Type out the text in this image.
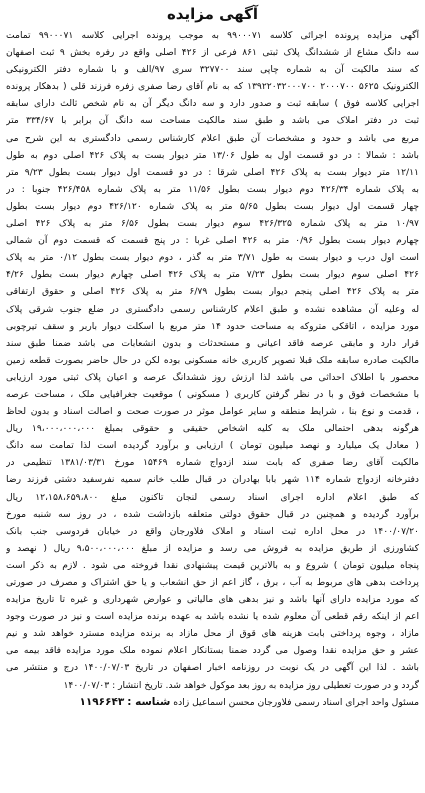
آگهی مزایده
آگهی مزایده پرونده اجرائی کلاسه ۹۹۰۰۰۷۱ به موجب پرونده اجرایی کلاسه ۹۹۰۰۰۷۱ تمامت
سه دانگ مشاع از ششدانگ پلاک ثبتی ۸۶۱ فرعی از ۴۲۶ اصلی واقع در رفره بخش ۹ ثبت اصفهان
که سند مالکیت آن به شماره چاپی سند ۳۲۷۷۰۰ سری ۹۷/الف و با شماره دفتر الکترونیکی
الکترونیک ۵۶۲۵ ۲۰۰۰۷۰۰ ۱۳۹۲۲۰۳۲۰۰۰۷۰۰ که به نام آقای رضا صفری زفره فرزند قلی ( بدهکار پرونده
اجرایی کلاسه فوق ) سابقه ثبت و صدور دارد و سه دانگ دیگر آن به نام شخص ثالث دارای سابقه
ثبت در دفتر املاک می باشد و طبق سند مالکیت مساحت سه دانگ آن برابر با ۳۳۴/۶۷ متر
مربع می باشد و حدود و مشخصات آن طبق اعلام کارشناس رسمی دادگستری به این شرح می
باشد : شمالا : در دو قسمت اول به طول ۱۳/۰۶ متر دیوار بست به پلاک ۴۲۶ اصلی دوم به طول
۱۲/۱۱ متر دیوار بست به پلاک ۴۲۶ اصلی شرقا : در دو قسمت اول دیوار بست بطول ۹/۲۳ متر
به پلاک شماره ۴۲۶/۳۴ دوم دیوار بست بطول ۱۱/۵۶ متر به پلاک شماره ۴۲۶/۴۵۸ جنوبا : در
چهار قسمت اول دیوار بست بطول ۵/۶۵ متر به پلاک شماره ۴۲۶/۱۲۰ دوم دیوار بست بطول
۱۰/۹۷ متر به پلاک شماره ۴۲۶/۳۲۵ سوم دیوار بست بطول ۶/۵۶ متر به پلاک ۴۲۶ اصلی
چهارم دیوار بست بطول ۰/۹۶ متر به ۴۲۶ اصلی غربا : در پنج قسمت که قسمت دوم آن شمالی
است اول درب و دیوار بست به طول ۳/۷۱ متر به گذر ، دوم دیوار بست بطول ۰/۱۲ متر به پلاک
۴۲۶ اصلی سوم دیوار بست بطول ۷/۲۳ متر به پلاک ۴۲۶ اصلی چهارم دیوار بست بطول ۴/۲۶
متر به پلاک ۴۲۶ اصلی پنجم دیوار بست بطول ۶/۷۹ متر به پلاک ۴۲۶ اصلی و حقوق ارتفاقی
له وعلیه آن مشاهده نشده و طبق اعلام کارشناس رسمی دادگستری در ضلع جنوب شرقی پلاک
مورد مزایده ، اتاقکی متروکه به مساحت حدود ۱۴ متر مربع با اسکلت دیوار باربر و سقف تیرچوبی
قرار دارد و مابقی عرصه فاقد اعیانی و مستحدثات و بدون انشعابات می باشد ضمنا طبق سند
مالکیت صادره سابقه ملک قبلا تصویر کاربری خانه مسکونی بوده لکن در حال حاضر بصورت قطعه زمین
محصور با اطلاک احداثی می باشد لذا ارزش روز ششدانگ عرصه و اعیان پلاک ثبتی مورد ارزیابی
با مشخصات فوق و با در نظر گرفتن کاربری ( مسکونی ) موقعیت جغرافیایی ملک ، مساحت عرصه
، قدمت و نوع بنا ، شرایط منطقه و سایر عوامل موثر در صورت صحت و اصالت اسناد و بدون لحاظ
هرگونه بدهی احتمالی ملک به کلیه اشخاص حقیقی و حقوقی بمبلغ ۱۹،۰۰۰،۰۰۰،۰۰۰ ریال
( معادل یک میلیارد و نهصد میلیون تومان ) ارزیابی و برآورد گردیده است لذا تمامت سه دانگ
مالکیت آقای رضا صفری که بابت سند ازدواج شماره ۱۵۴۶۹ مورخ ۱۳۸۱/۰۳/۳۱ تنظیمی در
دفترخانه ازدواج شماره ۱۱۴ شهر بابا بهادران در قبال طلب خانم سمیه نفرسفید دشتی فرزند رضا
که طبق اعلام اداره اجرای اسناد رسمی لنجان تاکنون مبلغ ۱۲،۱۵۸،۶۵۹،۸۰۰ ریال
برآورد گردیده و همچنین در قبال حقوق دولتی متعلقه بازداشت شده ، در روز سه شنبه مورخ
۱۴۰۰/۰۷/۲۰ در محل اداره ثبت اسناد و املاک فلاورجان واقع در خیابان فردوسی جنب بانک
کشاورزی از طریق مزایده به فروش می رسد و مزایده از مبلغ ۹،۵۰۰،۰۰۰،۰۰۰ ریال ( نهصد و
پنجاه میلیون تومان ) شروع و به بالاترین قیمت پیشنهادی نقدا فروخته می شود . لازم به ذکر است
پرداخت بدهی های مربوط به آب ، برق ، گاز اعم از حق انشعاب و یا حق اشتراک و مصرف در صورتی
که مورد مزایده دارای آنها باشد و نیز بدهی های مالیاتی و عوارض شهرداری و غیره تا تاریخ مزایده
اعم از اینکه رقم قطعی آن معلوم شده یا نشده باشد به عهده برنده مزایده است و نیز در صورت وجود
مازاد ، وجوه پرداختی بابت هزینه های قوق از محل مازاد به برنده مزایده مسترد خواهد شد و نیم
عشر و حق مزایده نقدا وصول می گردد ضمنا بستانکار اعلام نموده ملک مورد مزایده فاقد بیمه می
باشد . لذا این آگهی در یک نوبت در روزنامه اخبار اصفهان در تاریخ ۱۴۰۰/۰۷/۰۳ درج و منتشر می
گردد و در صورت تعطیلی روز مزایده به روز بعد موکول خواهد شد. تاریخ انتشار : ۱۴۰۰/۰۷/۰۳
مسئول واحد اجرای اسناد رسمی فلاورجان محسن اسماعیل زاده شناسه : ۱۱۹۶۶۴۳
